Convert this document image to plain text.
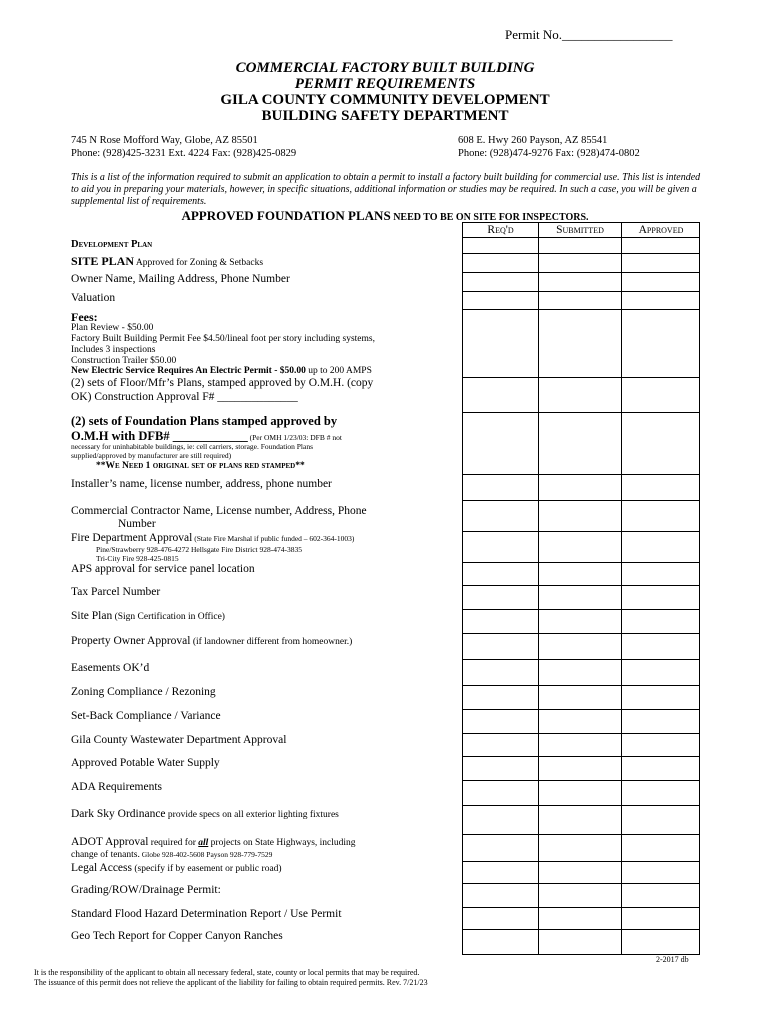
Permit No._________________
COMMERCIAL FACTORY BUILT BUILDING
PERMIT REQUIREMENTS
GILA COUNTY COMMUNITY DEVELOPMENT
BUILDING SAFETY DEPARTMENT
745 N Rose Mofford Way, Globe, AZ 85501
Phone: (928)425-3231 Ext. 4224 Fax: (928)425-0829
608 E. Hwy 260 Payson, AZ 85541
Phone: (928)474-9276 Fax: (928)474-0802
This is a list of the information required to submit an application to obtain a permit to install a factory built building for commercial use. This list is intended to aid you in preparing your materials, however, in specific situations, additional information or studies may be required. In such a case, you will be given a supplemental list of requirements.
APPROVED FOUNDATION PLANS NEED TO BE ON SITE FOR INSPECTORS.
Req'd	Submitted	Approved
Development Plan
SITE PLAN Approved for Zoning & Setbacks
Owner Name, Mailing Address, Phone Number
Valuation
Fees:
Plan Review - $50.00
Factory Built Building Permit Fee $4.50/lineal foot per story including systems,
Includes 3 inspections
Construction Trailer $50.00
New Electric Service Requires An Electric Permit - $50.00 up to 200 AMPS
(2) sets of Floor/Mfr’s Plans, stamped approved by O.M.H. (copy
OK) Construction Approval F# ______________
(2) sets of Foundation Plans stamped approved by
O.M.H with DFB# ____________ (Per OMH 1/23/03: DFB # not
necessary for uninhabitable buildings, ie: cell carriers, storage. Foundation Plans
supplied/approved by manufacturer are still required)
**We Need 1 original set of plans red stamped**
Installer’s name, license number, address, phone number
Commercial Contractor Name, License number, Address, Phone
Number
Fire Department Approval (State Fire Marshal if public funded – 602-364-1003)
Pine/Strawberry 928-476-4272 Hellsgate Fire District 928-474-3835
Tri-City Fire 928-425-0815
APS approval for service panel location
Tax Parcel Number
Site Plan (Sign Certification in Office)
Property Owner Approval (if landowner different from homeowner.)
Easements OK’d
Zoning Compliance / Rezoning
Set-Back Compliance / Variance
Gila County Wastewater Department Approval
Approved Potable Water Supply
ADA Requirements
Dark Sky Ordinance provide specs on all exterior lighting fixtures
ADOT Approval required for all projects on State Highways, including
change of tenants. Globe 928-402-5608 Payson 928-779-7529
Legal Access (specify if by easement or public road)
Grading/ROW/Drainage Permit:
Standard Flood Hazard Determination Report / Use Permit
Geo Tech Report for Copper Canyon Ranches
2-2017 db
It is the responsibility of the applicant to obtain all necessary federal, state, county or local permits that may be required.
The issuance of this permit does not relieve the applicant of the liability for failing to obtain required permits. Rev. 7/21/23
